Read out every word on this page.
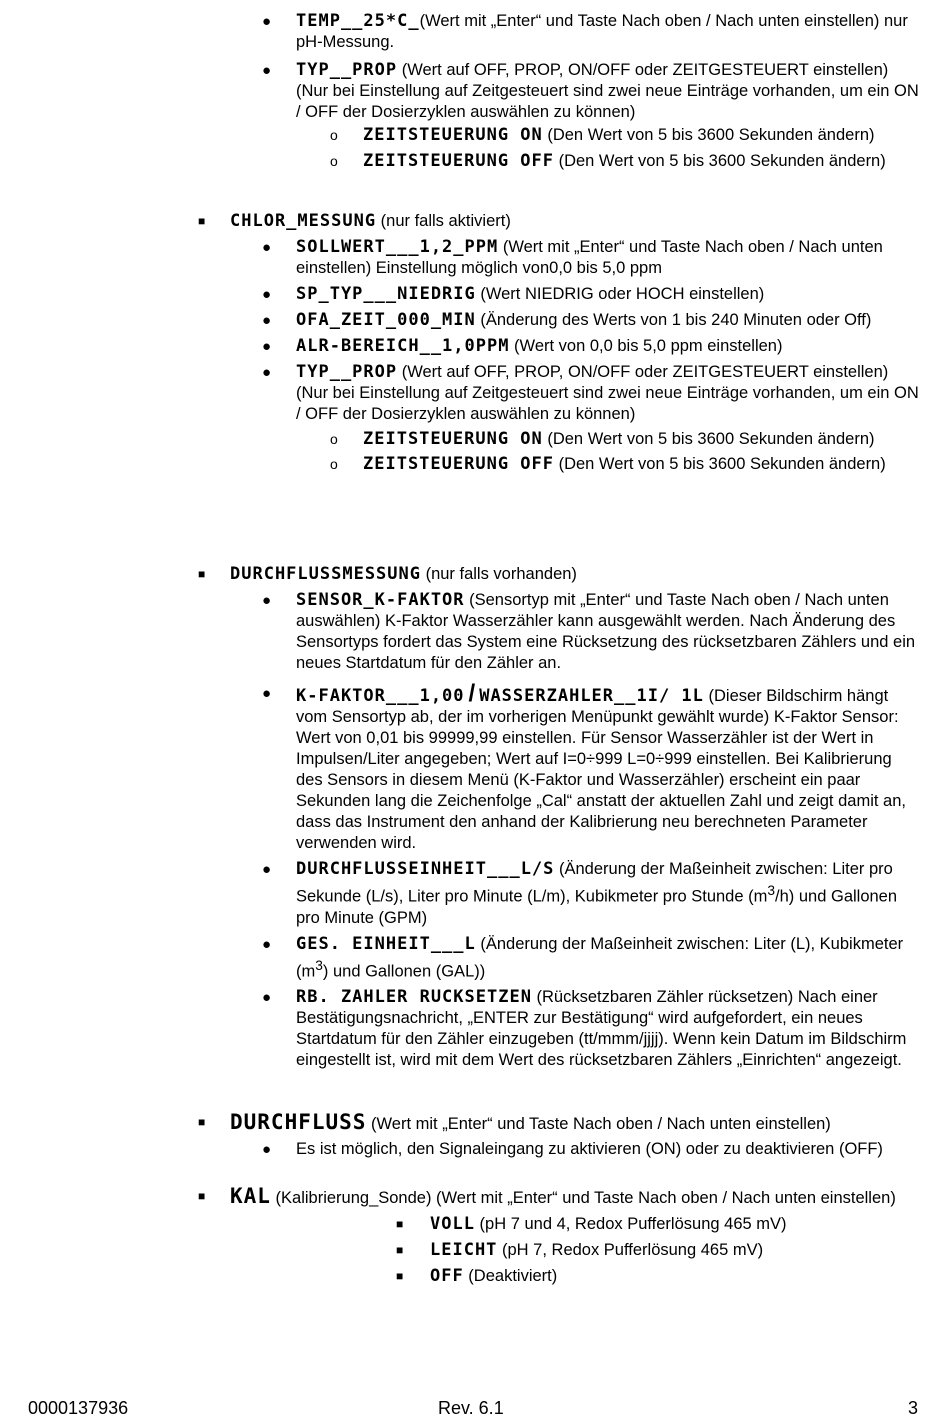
● TEMP__25*C_(Wert mit „Enter“ und Taste Nach oben / Nach unten einstellen) nur pH-Messung.
● TYP__PROP (Wert auf OFF, PROP, ON/OFF oder ZEITGESTEUERT einstellen)
(Nur bei Einstellung auf Zeitgesteuert sind zwei neue Einträge vorhanden, um ein ON / OFF der Dosierzyklen auswählen zu können)
o ZEITSTEUERUNG ON (Den Wert von 5 bis 3600 Sekunden ändern)
o ZEITSTEUERUNG OFF (Den Wert von 5 bis 3600 Sekunden ändern)
■ CHLOR_MESSUNG (nur falls aktiviert)
● SOLLWERT___1,2_PPM (Wert mit „Enter“ und Taste Nach oben / Nach unten einstellen) Einstellung möglich von0,0 bis 5,0 ppm
● SP_TYP___NIEDRIG (Wert NIEDRIG oder HOCH einstellen)
● OFA_ZEIT_000_MIN (Änderung des Werts von 1 bis 240 Minuten oder Off)
● ALR-BEREICH__1,0PPM (Wert von 0,0 bis 5,0 ppm einstellen)
● TYP__PROP (Wert auf OFF, PROP, ON/OFF oder ZEITGESTEUERT einstellen)
(Nur bei Einstellung auf Zeitgesteuert sind zwei neue Einträge vorhanden, um ein ON / OFF der Dosierzyklen auswählen zu können)
o ZEITSTEUERUNG ON (Den Wert von 5 bis 3600 Sekunden ändern)
o ZEITSTEUERUNG OFF (Den Wert von 5 bis 3600 Sekunden ändern)
■ DURCHFLUSSMESSUNG (nur falls vorhanden)
● SENSOR_K-FAKTOR (Sensortyp mit „Enter“ und Taste Nach oben / Nach unten auswählen) K-Faktor Wasserzähler kann ausgewählt werden. Nach Änderung des Sensortyps fordert das System eine Rücksetzung des rücksetzbaren Zählers und ein neues Startdatum für den Zähler an.
● K-FAKTOR___1,00 / WASSERZAHLER__1I/ 1L (Dieser Bildschirm hängt vom Sensortyp ab, der im vorherigen Menüpunkt gewählt wurde) K-Faktor Sensor: Wert von 0,01 bis 99999,99 einstellen. Für Sensor Wasserzähler ist der Wert in Impulsen/Liter angegeben; Wert auf I=0÷999 L=0÷999 einstellen. Bei Kalibrierung des Sensors in diesem Menü (K-Faktor und Wasserzähler) erscheint ein paar Sekunden lang die Zeichenfolge „Cal“ anstatt der aktuellen Zahl und zeigt damit an, dass das Instrument den anhand der Kalibrierung neu berechneten Parameter verwenden wird.
● DURCHFLUSSEINHEIT___L/S (Änderung der Maßeinheit zwischen: Liter pro Sekunde (L/s), Liter pro Minute (L/m), Kubikmeter pro Stunde $(m^3/h)$ und Gallonen pro Minute (GPM)
● GES. EINHEIT___L (Änderung der Maßeinheit zwischen: Liter (L), Kubikmeter $(m^3)$ und Gallonen (GAL))
● RB. ZAHLER RUCKSETZEN (Rücksetzbaren Zähler rücksetzen) Nach einer Bestätigungsnachricht, „ENTER zur Bestätigung“ wird aufgefordert, ein neues Startdatum für den Zähler einzugeben (tt/mmm/jjjj). Wenn kein Datum im Bildschirm eingestellt ist, wird mit dem Wert des rücksetzbaren Zählers „Einrichten“ angezeigt.
■ DURCHFLUSS (Wert mit „Enter“ und Taste Nach oben / Nach unten einstellen)
● Es ist möglich, den Signaleingang zu aktivieren (ON) oder zu deaktivieren (OFF)
■ KAL (Kalibrierung_Sonde) (Wert mit „Enter“ und Taste Nach oben / Nach unten einstellen)
■ VOLL (pH 7 und 4, Redox Pufferlösung 465 mV)
■ LEICHT (pH 7, Redox Pufferlösung 465 mV)
■ OFF (Deaktiviert)
0000137936	Rev. 6.1	3
